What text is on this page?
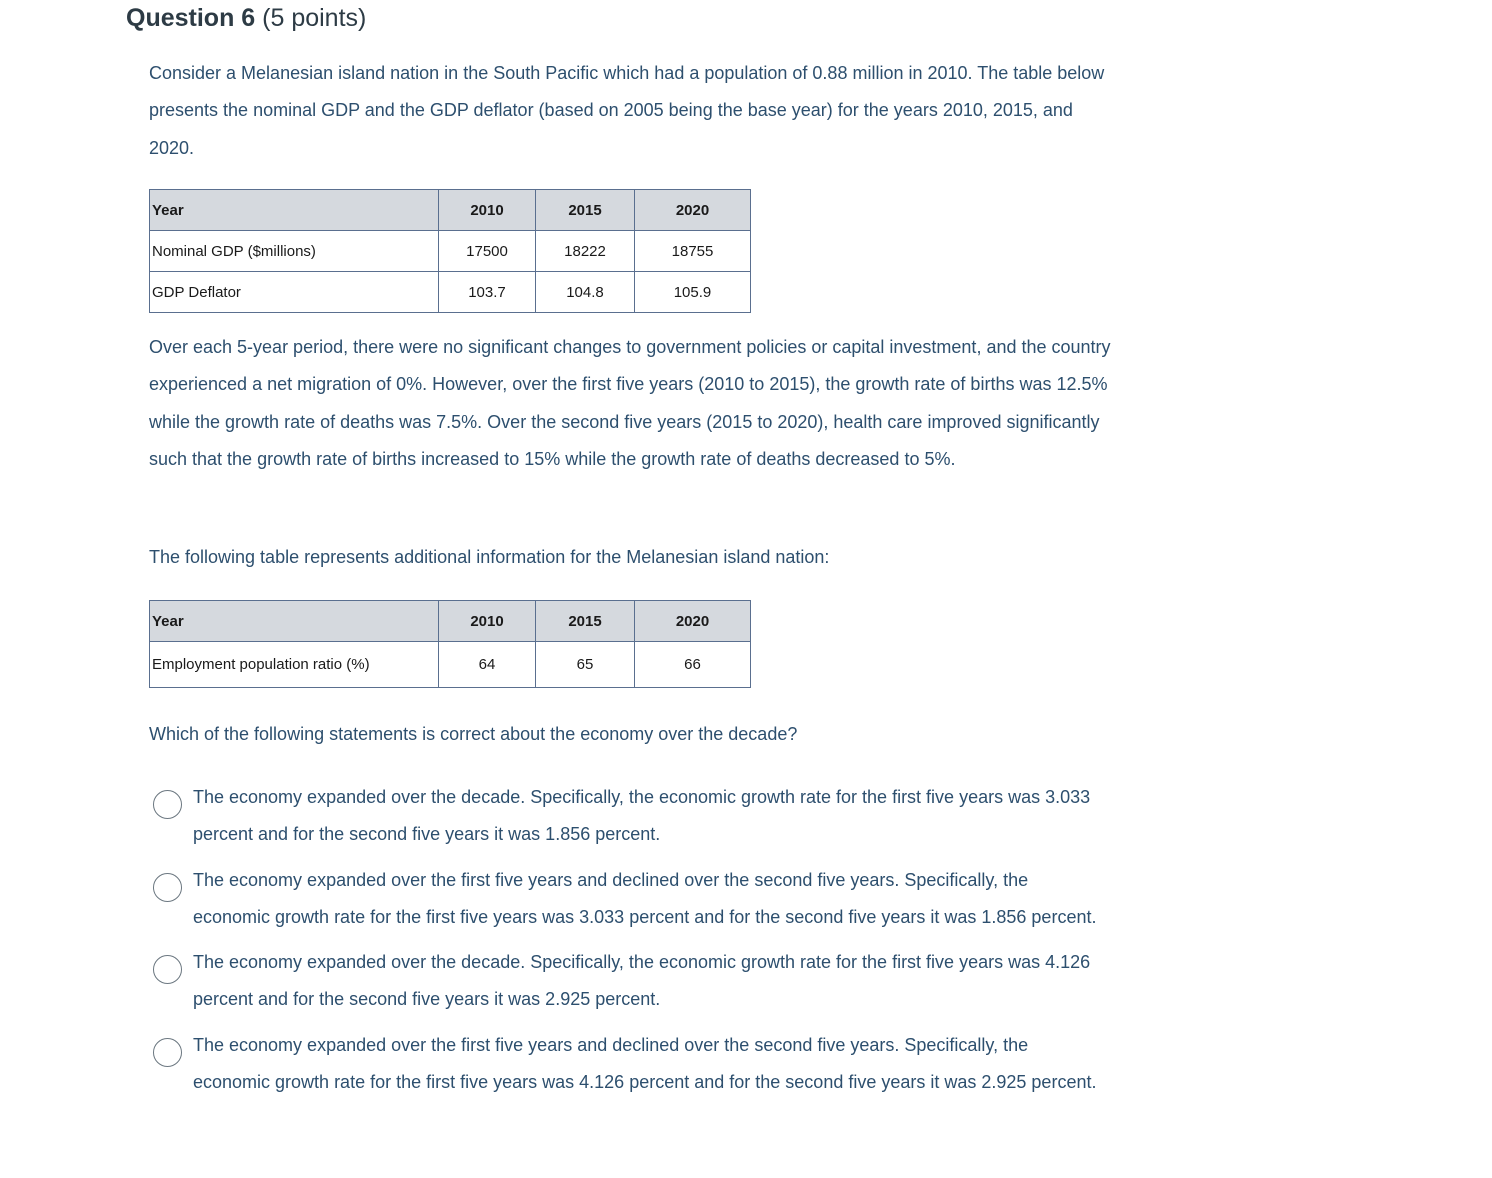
Question 6 (5 points)

Consider a Melanesian island nation in the South Pacific which had a population of 0.88 million in 2010. The table below presents the nominal GDP and the GDP deflator (based on 2005 being the base year) for the years 2010, 2015, and 2020.

Year	2010	2015	2020
Nominal GDP ($millions)	17500	18222	18755
GDP Deflator	103.7	104.8	105.9

Over each 5-year period, there were no significant changes to government policies or capital investment, and the country experienced a net migration of 0%. However, over the first five years (2010 to 2015), the growth rate of births was 12.5% while the growth rate of deaths was 7.5%. Over the second five years (2015 to 2020), health care improved significantly such that the growth rate of births increased to 15% while the growth rate of deaths decreased to 5%.

The following table represents additional information for the Melanesian island nation:

Year	2010	2015	2020
Employment population ratio (%)	64	65	66

Which of the following statements is correct about the economy over the decade?

The economy expanded over the decade. Specifically, the economic growth rate for the first five years was 3.033 percent and for the second five years it was 1.856 percent.
The economy expanded over the first five years and declined over the second five years. Specifically, the economic growth rate for the first five years was 3.033 percent and for the second five years it was 1.856 percent.
The economy expanded over the decade. Specifically, the economic growth rate for the first five years was 4.126 percent and for the second five years it was 2.925 percent.
The economy expanded over the first five years and declined over the second five years. Specifically, the economic growth rate for the first five years was 4.126 percent and for the second five years it was 2.925 percent.
